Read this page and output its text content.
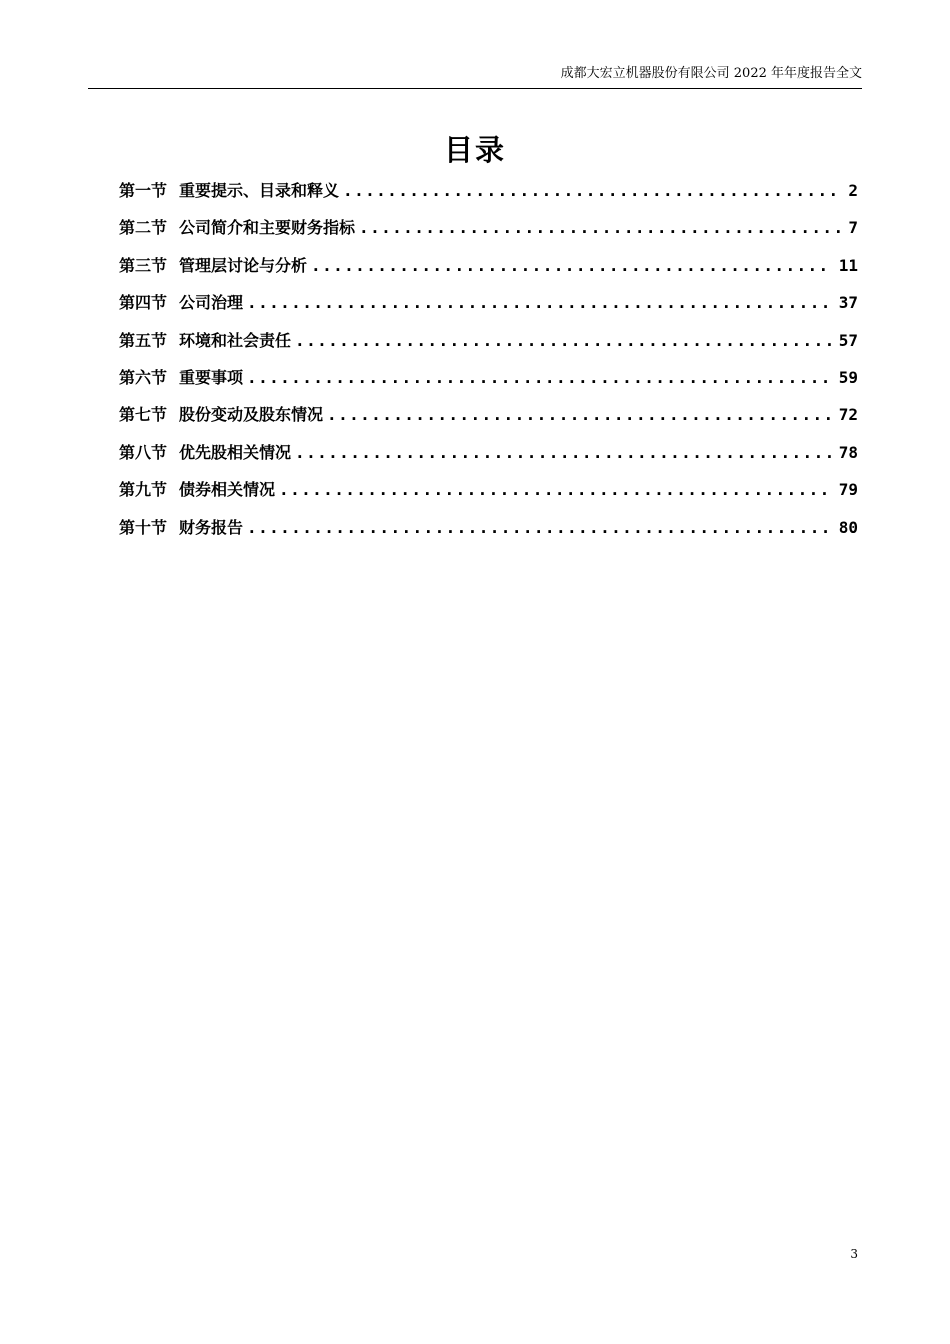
成都大宏立机器股份有限公司 2022 年年度报告全文
目录
第一节 重要提示、目录和释义 .....	2
第二节 公司简介和主要财务指标 .....	7
第三节 管理层讨论与分析 .....	11
第四节 公司治理 .....	37
第五节 环境和社会责任 .....	57
第六节 重要事项 .....	59
第七节 股份变动及股东情况 .....	72
第八节 优先股相关情况 .....	78
第九节 债券相关情况 .....	79
第十节 财务报告 .....	80
3
